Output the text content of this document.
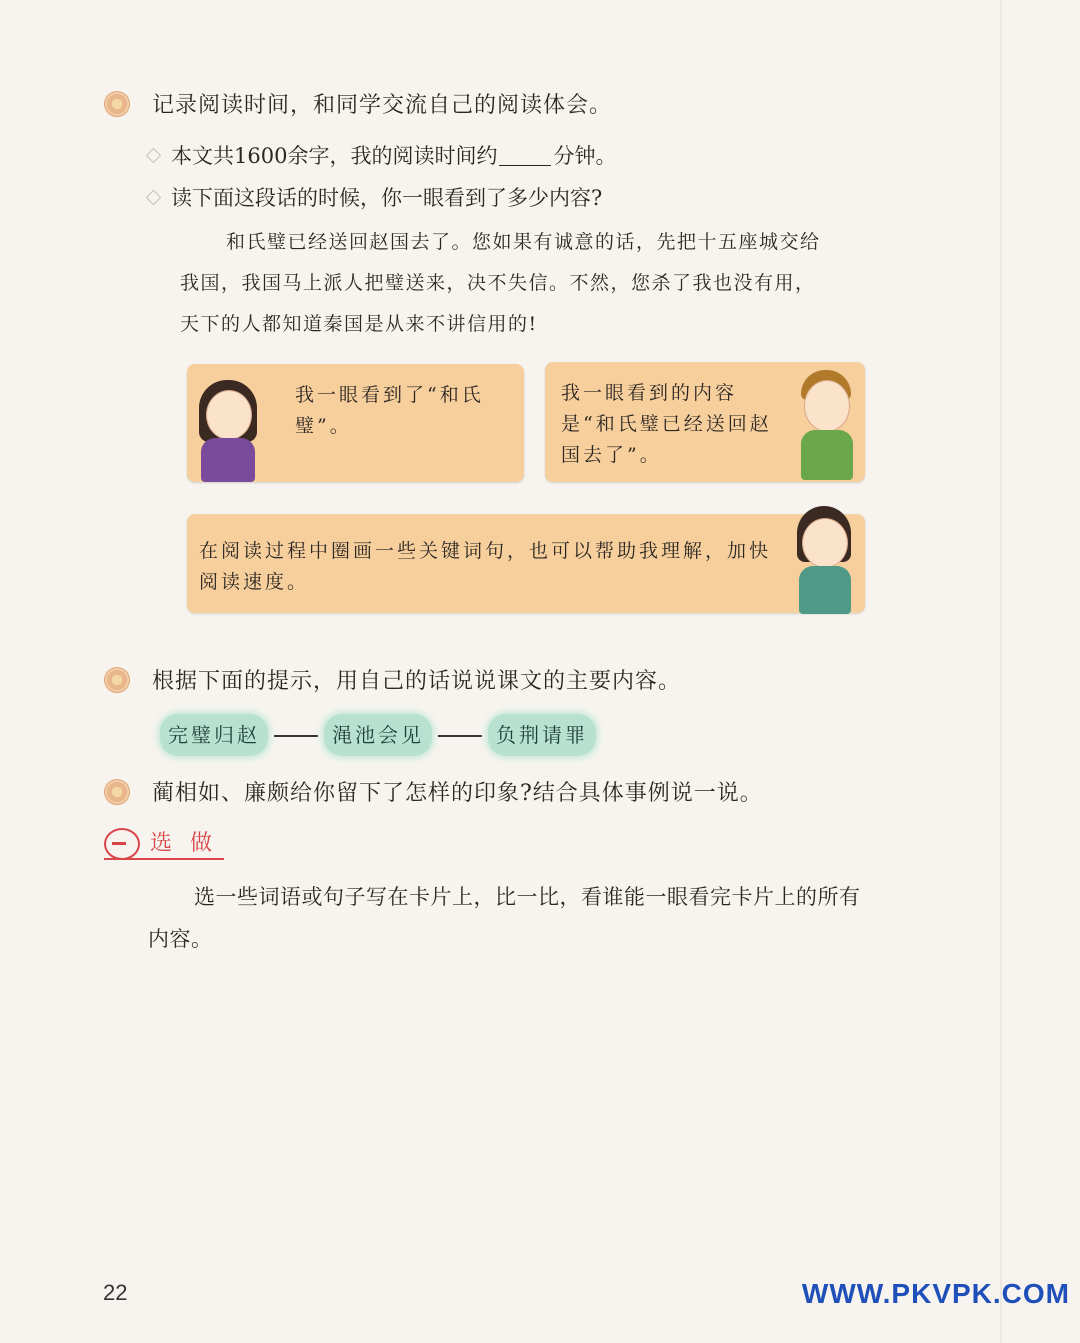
记录阅读时间，和同学交流自己的阅读体会。
本文共1600余字，我的阅读时间约	分钟。
读下面这段话的时候，你一眼看到了多少内容?
和氏璧已经送回赵国去了。您如果有诚意的话，先把十五座城交给
我国，我国马上派人把璧送来，决不失信。不然，您杀了我也没有用，
天下的人都知道秦国是从来不讲信用的!
我一眼看到了“和氏璧”。
我一眼看到的内容是“和氏璧已经送回赵国去了”。
在阅读过程中圈画一些关键词句，也可以帮助我理解，加快阅读速度。
根据下面的提示，用自己的话说说课文的主要内容。
完璧归赵	渑池会见	负荆请罪
蔺相如、廉颇给你留下了怎样的印象?结合具体事例说一说。
选做
选一些词语或句子写在卡片上，比一比，看谁能一眼看完卡片上的所有内容。
22	WWW.PKVPK.COM
